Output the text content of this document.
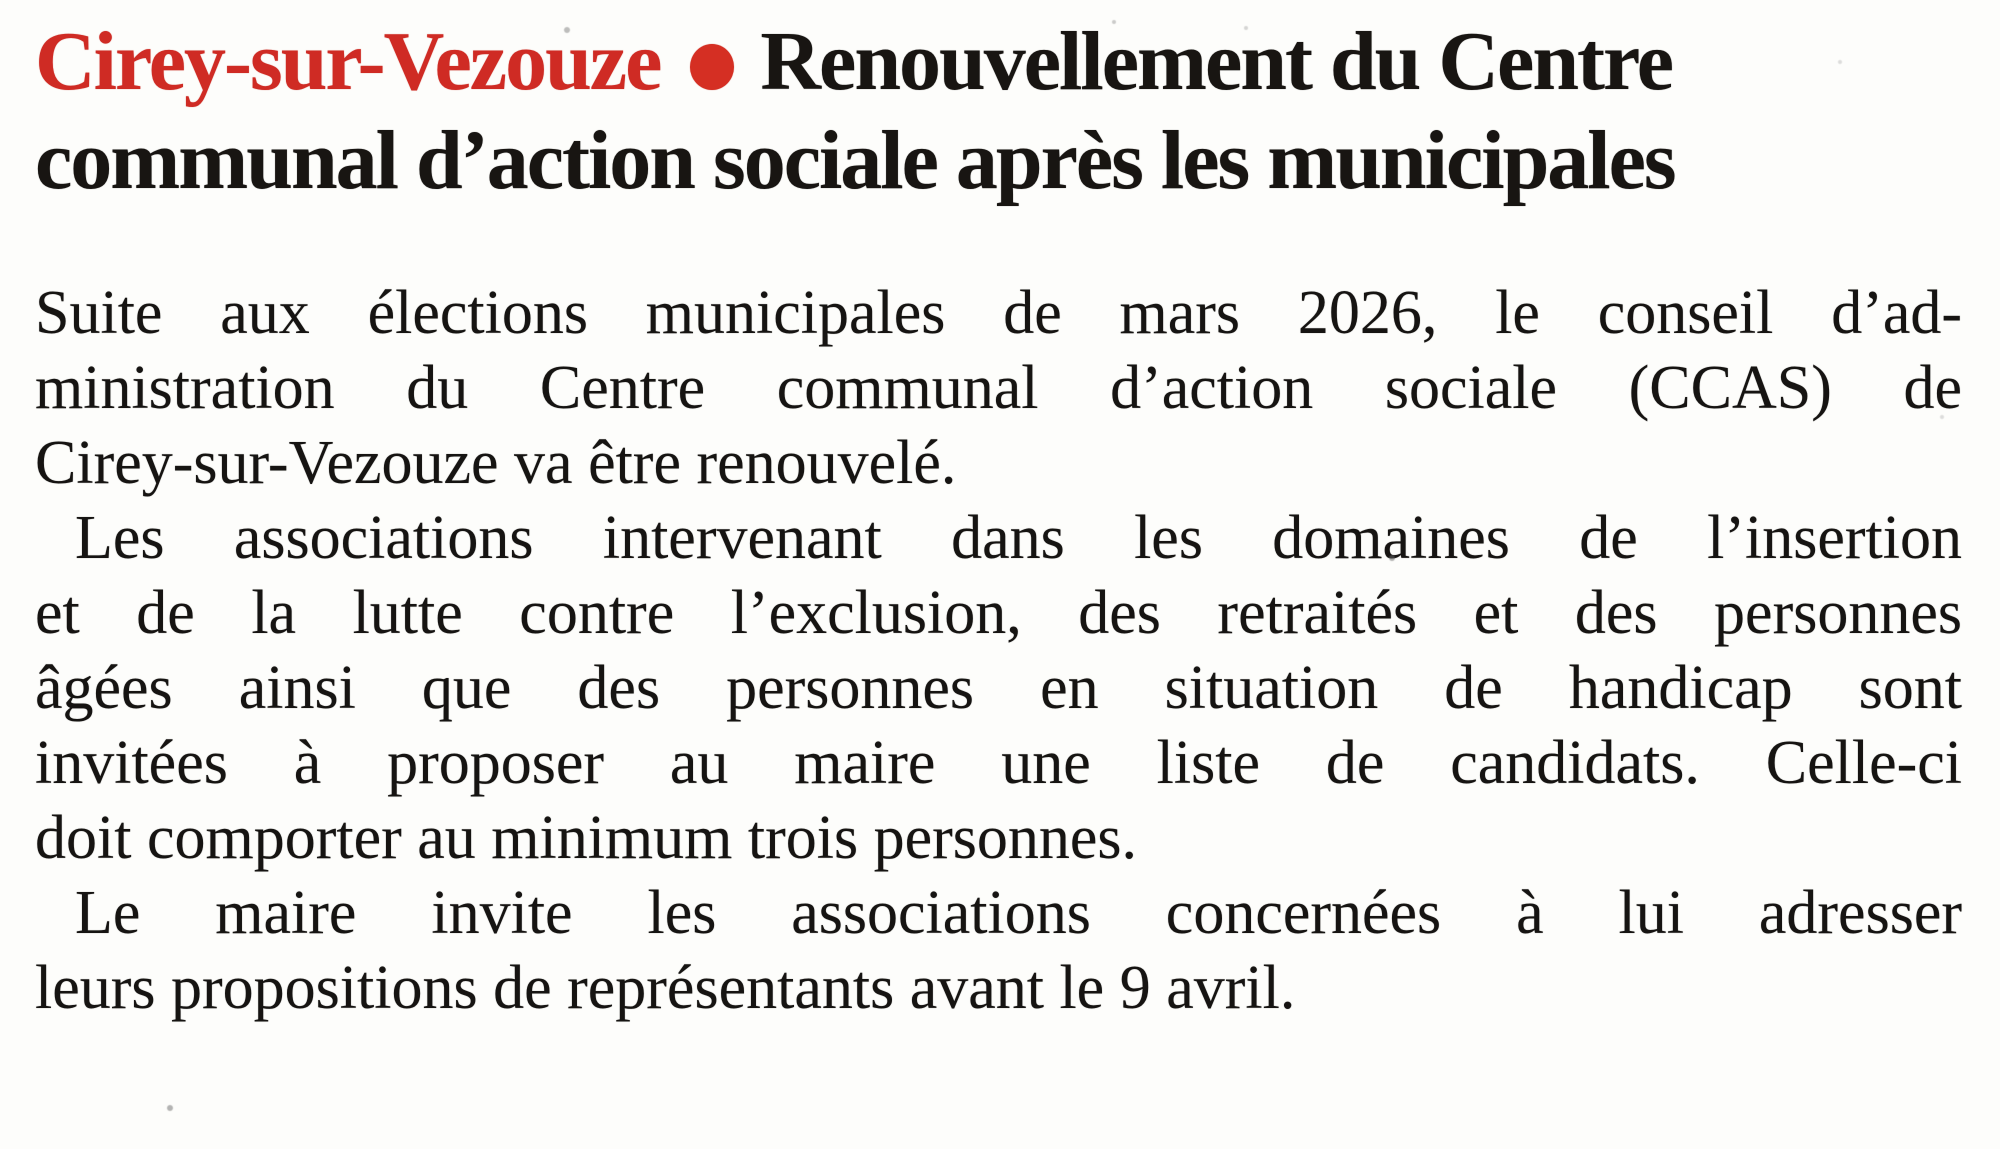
Cirey-sur-Vezouze Renouvellement du Centre
communal d’action sociale après les municipales
Suite aux élections municipales de mars 2026, le conseil d’ad-
ministration du Centre communal d’action sociale (CCAS) de
Cirey-sur-Vezouze va être renouvelé.
Les associations intervenant dans les domaines de l’insertion
et de la lutte contre l’exclusion, des retraités et des personnes
âgées ainsi que des personnes en situation de handicap sont
invitées à proposer au maire une liste de candidats. Celle-ci
doit comporter au minimum trois personnes.
Le maire invite les associations concernées à lui adresser
leurs propositions de représentants avant le 9 avril.
